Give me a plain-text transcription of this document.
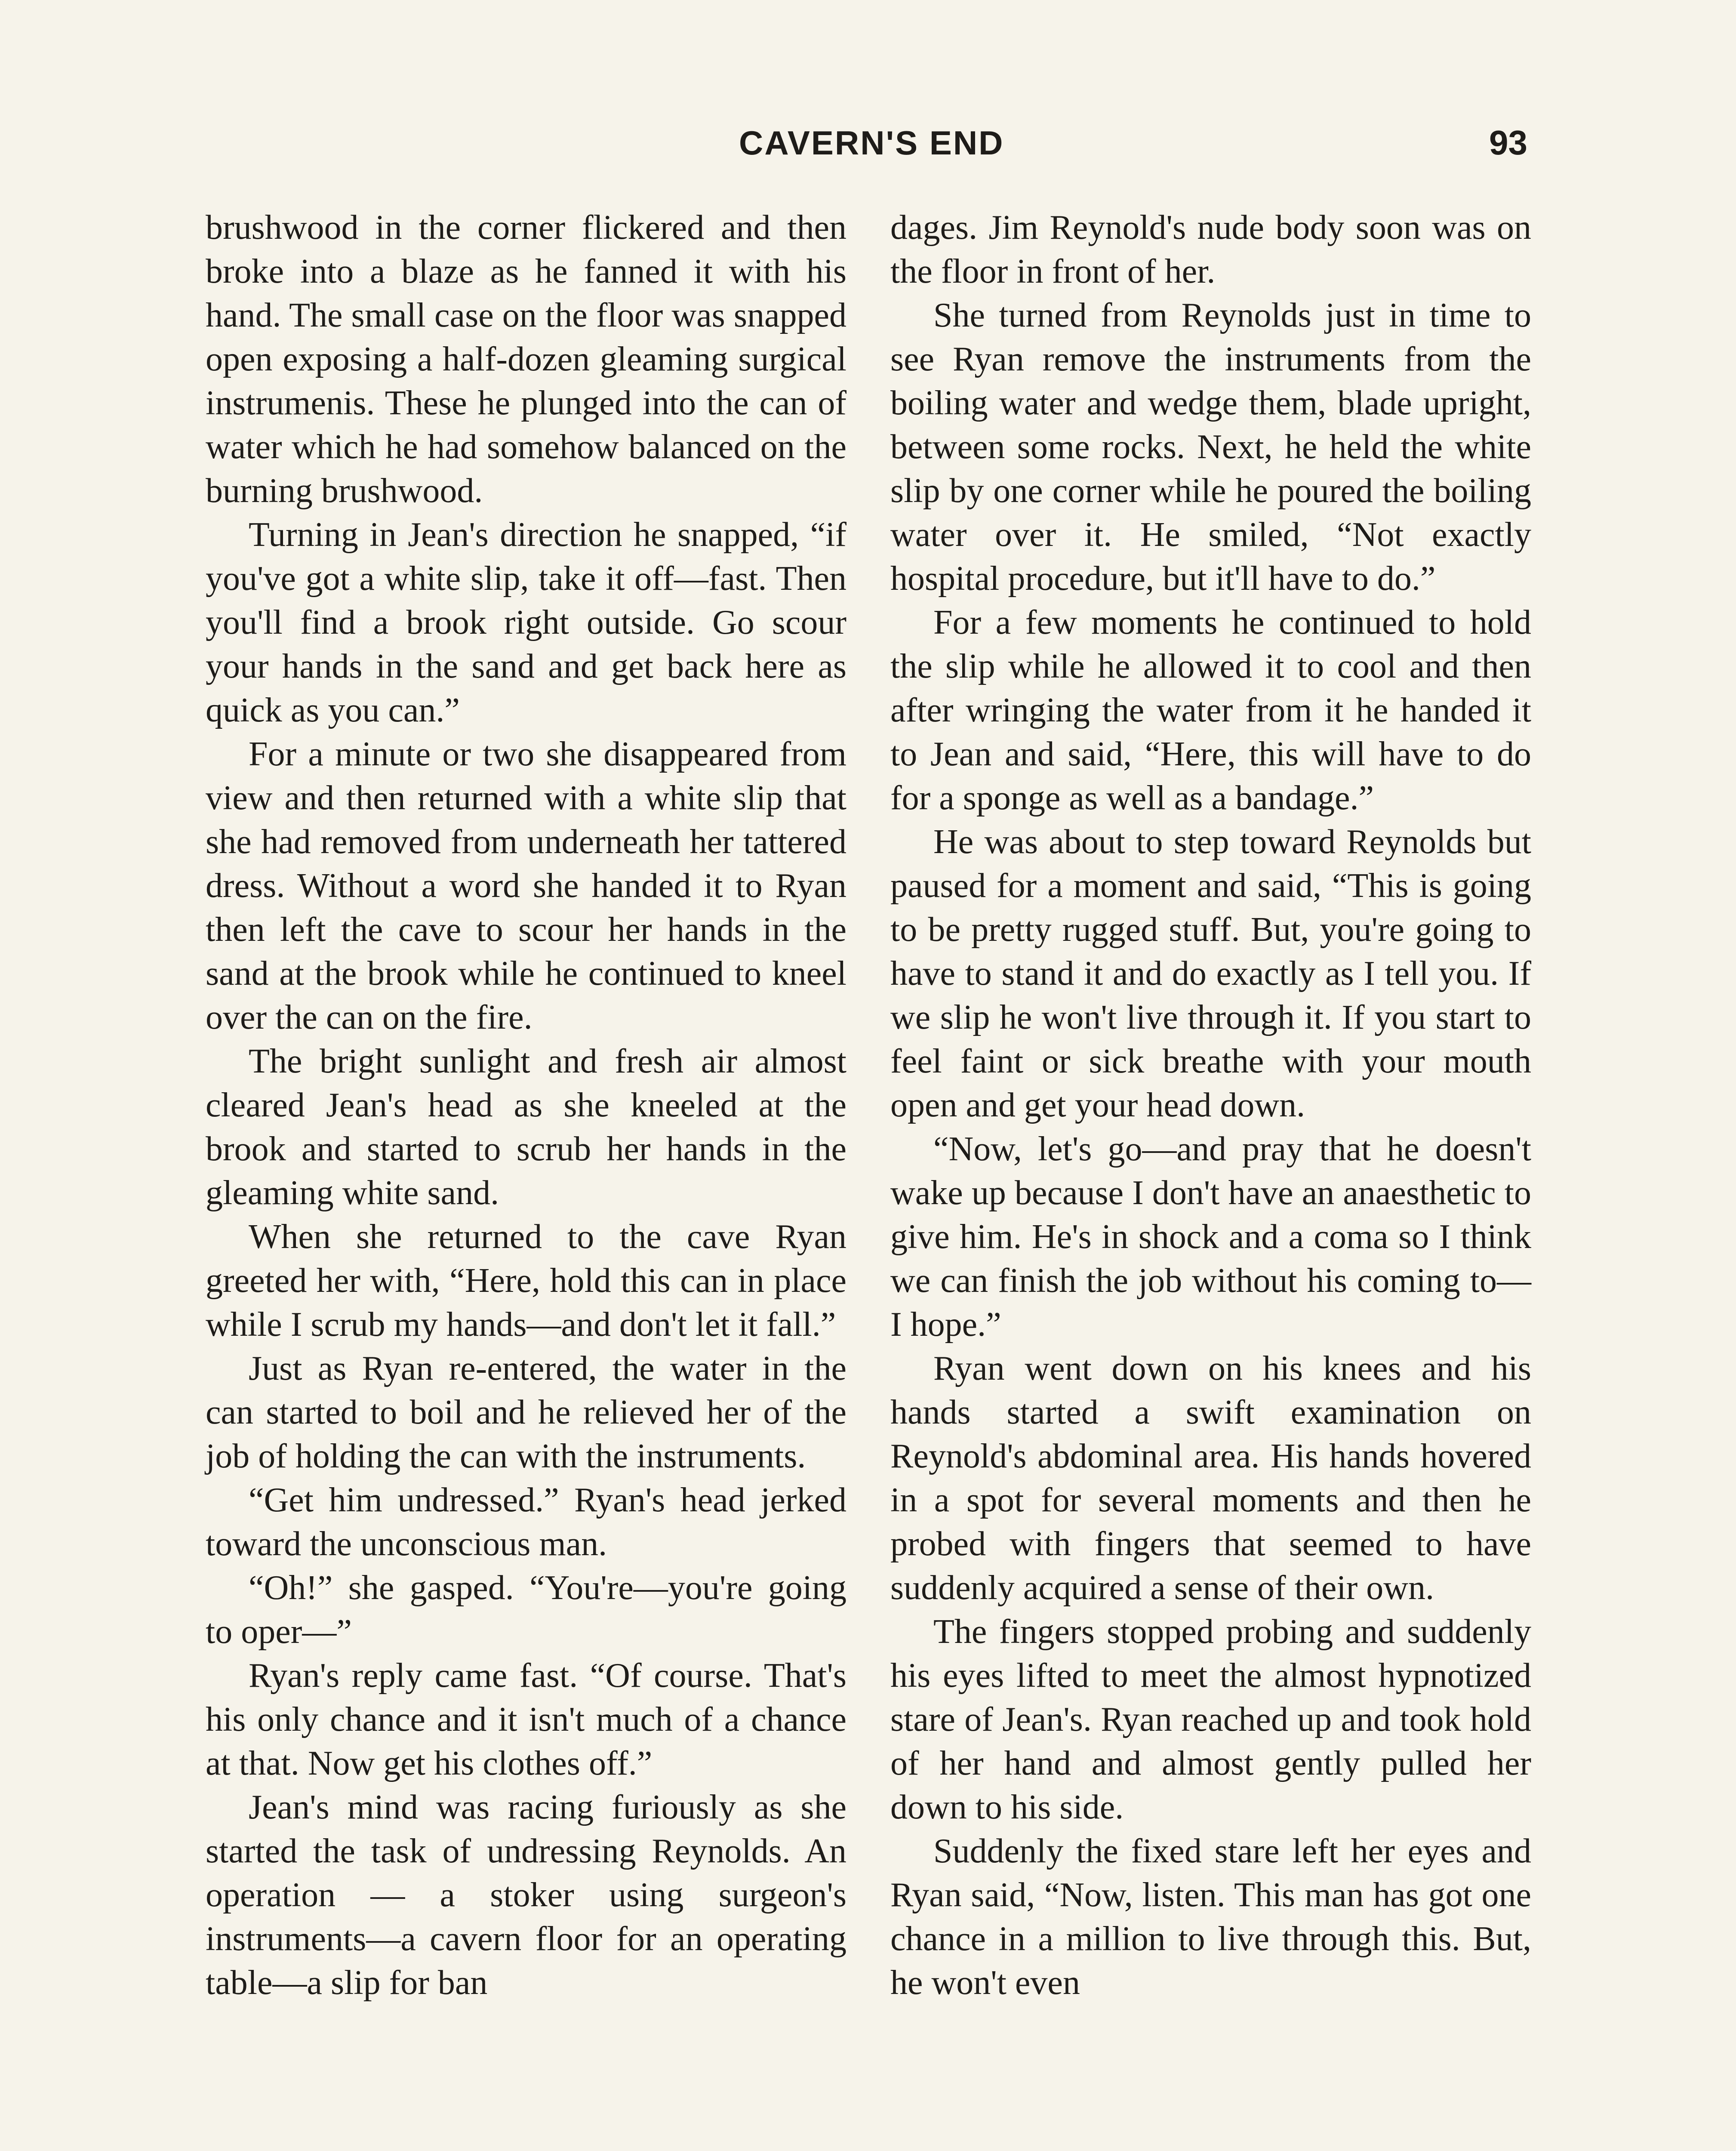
CAVERN'S END	93

brushwood in the corner flickered and then broke into a blaze as he fanned it with his hand. The small case on the floor was snapped open exposing a half-dozen gleaming surgical instrumenis. These he plunged into the can of water which he had somehow balanced on the burning brushwood.

Turning in Jean's direction he snapped, “if you've got a white slip, take it off—fast. Then you'll find a brook right outside. Go scour your hands in the sand and get back here as quick as you can.”

For a minute or two she disappeared from view and then returned with a white slip that she had removed from underneath her tattered dress. Without a word she handed it to Ryan then left the cave to scour her hands in the sand at the brook while he continued to kneel over the can on the fire.

The bright sunlight and fresh air almost cleared Jean's head as she kneeled at the brook and started to scrub her hands in the gleaming white sand.

When she returned to the cave Ryan greeted her with, “Here, hold this can in place while I scrub my hands—and don't let it fall.”

Just as Ryan re-entered, the water in the can started to boil and he relieved her of the job of holding the can with the instruments.

“Get him undressed.” Ryan's head jerked toward the unconscious man.

“Oh!” she gasped. “You're—you're going to oper—”

Ryan's reply came fast. “Of course. That's his only chance and it isn't much of a chance at that. Now get his clothes off.”

Jean's mind was racing furiously as she started the task of undressing Reynolds. An operation — a stoker using surgeon's instruments—a cavern floor for an operating table—a slip for ban

dages. Jim Reynold's nude body soon was on the floor in front of her.

She turned from Reynolds just in time to see Ryan remove the instruments from the boiling water and wedge them, blade upright, between some rocks. Next, he held the white slip by one corner while he poured the boiling water over it. He smiled, “Not exactly hospital procedure, but it'll have to do.”

For a few moments he continued to hold the slip while he allowed it to cool and then after wringing the water from it he handed it to Jean and said, “Here, this will have to do for a sponge as well as a bandage.”

He was about to step toward Reynolds but paused for a moment and said, “This is going to be pretty rugged stuff. But, you're going to have to stand it and do exactly as I tell you. If we slip he won't live through it. If you start to feel faint or sick breathe with your mouth open and get your head down.

“Now, let's go—and pray that he doesn't wake up because I don't have an anaesthetic to give him. He's in shock and a coma so I think we can finish the job without his coming to— I hope.”

Ryan went down on his knees and his hands started a swift examination on Reynold's abdominal area. His hands hovered in a spot for several moments and then he probed with fingers that seemed to have suddenly acquired a sense of their own.

The fingers stopped probing and suddenly his eyes lifted to meet the almost hypnotized stare of Jean's. Ryan reached up and took hold of her hand and almost gently pulled her down to his side.

Suddenly the fixed stare left her eyes and Ryan said, “Now, listen. This man has got one chance in a million to live through this. But, he won't even
